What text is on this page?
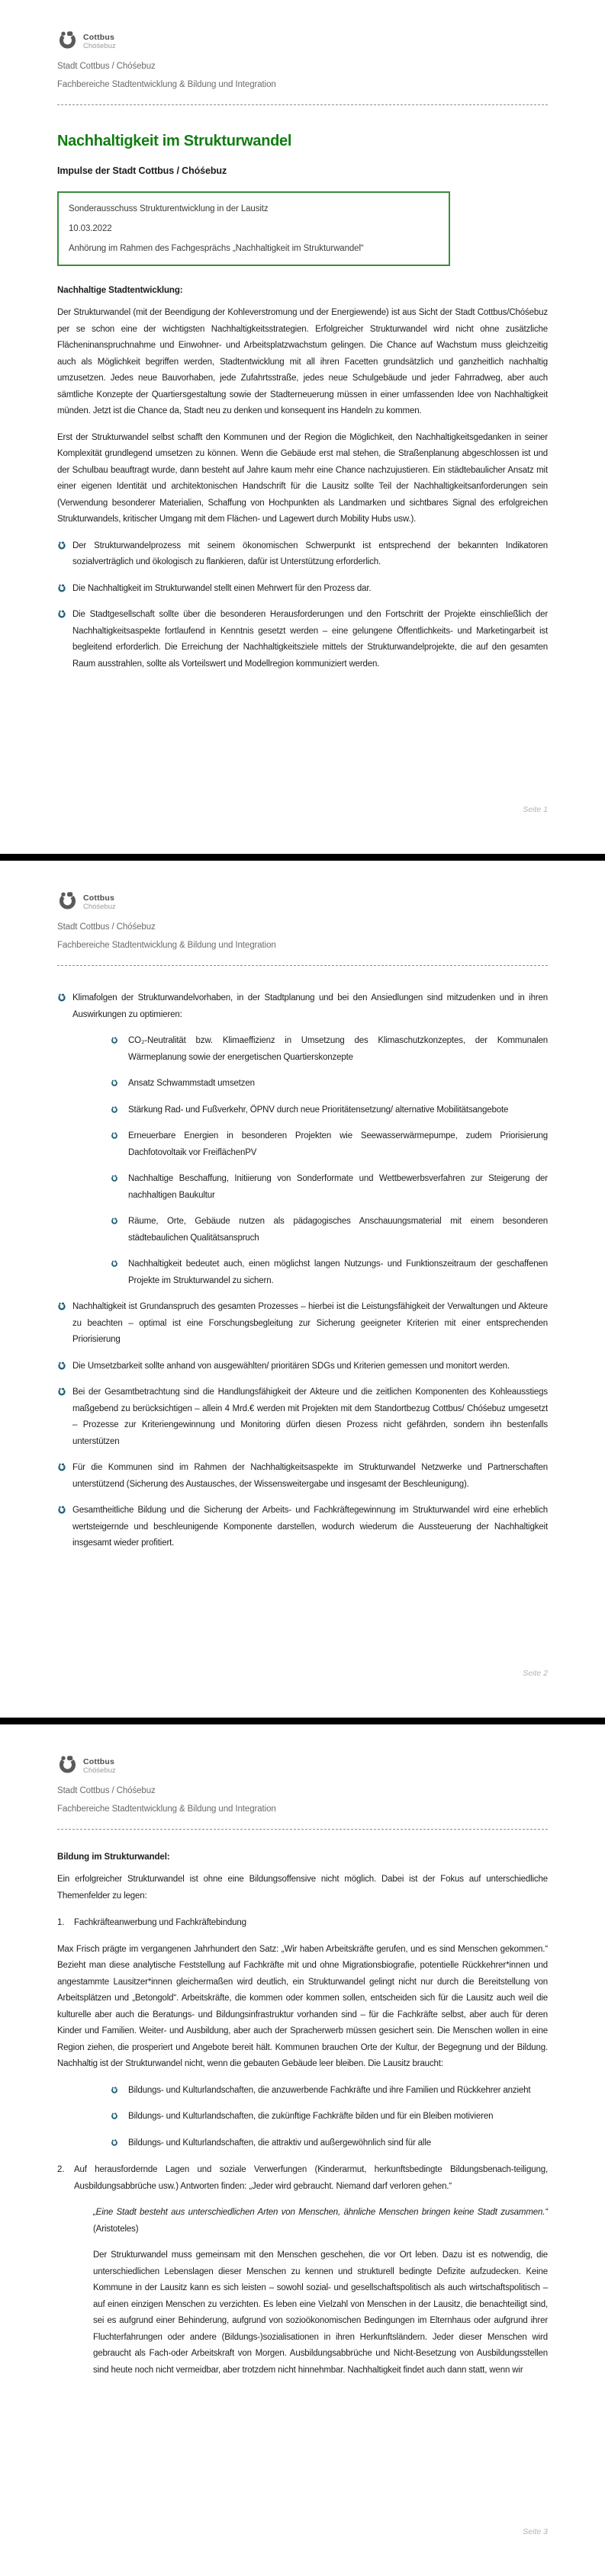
Cottbus
Chóśebuz
Stadt Cottbus / Chóśebuz
Fachbereiche Stadtentwicklung & Bildung und Integration
Nachhaltigkeit im Strukturwandel
Impulse der Stadt Cottbus / Chóśebuz
Sonderausschuss Strukturentwicklung in der Lausitz
10.03.2022
Anhörung im Rahmen des Fachgesprächs „Nachhaltigkeit im Strukturwandel“
Nachhaltige Stadtentwicklung:

Der Strukturwandel (mit der Beendigung der Kohleverstromung und der Energiewende) ist aus Sicht der Stadt Cottbus/Chóśebuz per se schon eine der wichtigsten Nachhaltigkeitsstrategien. Erfolgreicher Strukturwandel wird nicht ohne zusätzliche Flächeninanspruchnahme und Einwohner- und Arbeitsplatzwachstum gelingen. Die Chance auf Wachstum muss gleichzeitig auch als Möglichkeit begriffen werden, Stadtentwicklung mit all ihren Facetten grundsätzlich und ganzheitlich nachhaltig umzusetzen. Jedes neue Bauvorhaben, jede Zufahrtsstraße, jedes neue Schulgebäude und jeder Fahrradweg, aber auch sämtliche Konzepte der Quartiersgestaltung sowie der Stadterneuerung müssen in einer umfassenden Idee von Nachhaltigkeit münden. Jetzt ist die Chance da, Stadt neu zu denken und konsequent ins Handeln zu kommen.

Erst der Strukturwandel selbst schafft den Kommunen und der Region die Möglichkeit, den Nachhaltigkeitsgedanken in seiner Komplexität grundlegend umsetzen zu können. Wenn die Gebäude erst mal stehen, die Straßenplanung abgeschlossen ist und der Schulbau beauftragt wurde, dann besteht auf Jahre kaum mehr eine Chance nachzujustieren. Ein städtebaulicher Ansatz mit einer eigenen Identität und architektonischen Handschrift für die Lausitz sollte Teil der Nachhaltigkeitsanforderungen sein (Verwendung besonderer Materialien, Schaffung von Hochpunkten als Landmarken und sichtbares Signal des erfolgreichen Strukturwandels, kritischer Umgang mit dem Flächen- und Lagewert durch Mobility Hubs usw.).

Der Strukturwandelprozess mit seinem ökonomischen Schwerpunkt ist entsprechend der bekannten Indikatoren sozialverträglich und ökologisch zu flankieren, dafür ist Unterstützung erforderlich.
Die Nachhaltigkeit im Strukturwandel stellt einen Mehrwert für den Prozess dar.
Die Stadtgesellschaft sollte über die besonderen Herausforderungen und den Fortschritt der Projekte einschließlich der Nachhaltigkeitsaspekte fortlaufend in Kenntnis gesetzt werden – eine gelungene Öffentlichkeits- und Marketingarbeit ist begleitend erforderlich. Die Erreichung der Nachhaltigkeitsziele mittels der Strukturwandelprojekte, die auf den gesamten Raum ausstrahlen, sollte als Vorteilswert und Modellregion kommuniziert werden.
Seite 1
Cottbus
Chóśebuz
Stadt Cottbus / Chóśebuz
Fachbereiche Stadtentwicklung & Bildung und Integration
Klimafolgen der Strukturwandelvorhaben, in der Stadtplanung und bei den Ansiedlungen sind mitzudenken und in ihren Auswirkungen zu optimieren:
CO₂-Neutralität bzw. Klimaeffizienz in Umsetzung des Klimaschutzkonzeptes, der Kommunalen Wärmeplanung sowie der energetischen Quartierskonzepte
Ansatz Schwammstadt umsetzen
Stärkung Rad- und Fußverkehr, ÖPNV durch neue Prioritätensetzung/ alternative Mobilitätsangebote
Erneuerbare Energien in besonderen Projekten wie Seewasserwärmepumpe, zudem Priorisierung Dachfotovoltaik vor FreiflächenPV
Nachhaltige Beschaffung, Initiierung von Sonderformate und Wettbewerbsverfahren zur Steigerung der nachhaltigen Baukultur
Räume, Orte, Gebäude nutzen als pädagogisches Anschauungsmaterial mit einem besonderen städtebaulichen Qualitätsanspruch
Nachhaltigkeit bedeutet auch, einen möglichst langen Nutzungs- und Funktionszeitraum der geschaffenen Projekte im Strukturwandel zu sichern.
Nachhaltigkeit ist Grundanspruch des gesamten Prozesses – hierbei ist die Leistungsfähigkeit der Verwaltungen und Akteure zu beachten – optimal ist eine Forschungsbegleitung zur Sicherung geeigneter Kriterien mit einer entsprechenden Priorisierung
Die Umsetzbarkeit sollte anhand von ausgewählten/ prioritären SDGs und Kriterien gemessen und monitort werden.
Bei der Gesamtbetrachtung sind die Handlungsfähigkeit der Akteure und die zeitlichen Komponenten des Kohleausstiegs maßgebend zu berücksichtigen – allein 4 Mrd.€ werden mit Projekten mit dem Standortbezug Cottbus/ Chóśebuz umgesetzt – Prozesse zur Kriteriengewinnung und Monitoring dürfen diesen Prozess nicht gefährden, sondern ihn bestenfalls unterstützen
Für die Kommunen sind im Rahmen der Nachhaltigkeitsaspekte im Strukturwandel Netzwerke und Partnerschaften unterstützend (Sicherung des Austausches, der Wissensweitergabe und insgesamt der Beschleunigung).
Gesamtheitliche Bildung und die Sicherung der Arbeits- und Fachkräftegewinnung im Strukturwandel wird eine erheblich wertsteigernde und beschleunigende Komponente darstellen, wodurch wiederum die Aussteuerung der Nachhaltigkeit insgesamt wieder profitiert.
Seite 2
Cottbus
Chóśebuz
Stadt Cottbus / Chóśebuz
Fachbereiche Stadtentwicklung & Bildung und Integration
Bildung im Strukturwandel:

Ein erfolgreicher Strukturwandel ist ohne eine Bildungsoffensive nicht möglich. Dabei ist der Fokus auf unterschiedliche Themenfelder zu legen:

1.	Fachkräfteanwerbung und Fachkräftebindung

Max Frisch prägte im vergangenen Jahrhundert den Satz: „Wir haben Arbeitskräfte gerufen, und es sind Menschen gekommen.“ Bezieht man diese analytische Feststellung auf Fachkräfte mit und ohne Migrationsbiografie, potentielle Rückkehrer*innen und angestammte Lausitzer*innen gleichermaßen wird deutlich, ein Strukturwandel gelingt nicht nur durch die Bereitstellung von Arbeitsplätzen und „Betongold“. Arbeitskräfte, die kommen oder kommen sollen, entscheiden sich für die Lausitz auch weil die kulturelle aber auch die Beratungs- und Bildungsinfrastruktur vorhanden sind – für die Fachkräfte selbst, aber auch für deren Kinder und Familien. Weiter- und Ausbildung, aber auch der Spracherwerb müssen gesichert sein. Die Menschen wollen in eine Region ziehen, die prosperiert und Angebote bereit hält. Kommunen brauchen Orte der Kultur, der Begegnung und der Bildung. Nachhaltig ist der Strukturwandel nicht, wenn die gebauten Gebäude leer bleiben. Die Lausitz braucht:

Bildungs- und Kulturlandschaften, die anzuwerbende Fachkräfte und ihre Familien und Rückkehrer anzieht
Bildungs- und Kulturlandschaften, die zukünftige Fachkräfte bilden und für ein Bleiben motivieren
Bildungs- und Kulturlandschaften, die attraktiv und außergewöhnlich sind für alle
2.	Auf herausfordernde Lagen und soziale Verwerfungen (Kinderarmut, herkunftsbedingte Bildungsbenach-teiligung, Ausbildungsabbrüche usw.) Antworten finden: „Jeder wird gebraucht. Niemand darf verloren gehen.“
„Eine Stadt besteht aus unterschiedlichen Arten von Menschen, ähnliche Menschen bringen keine Stadt zusammen.“ (Aristoteles)

Der Strukturwandel muss gemeinsam mit den Menschen geschehen, die vor Ort leben. Dazu ist es notwendig, die unterschiedlichen Lebenslagen dieser Menschen zu kennen und strukturell bedingte Defizite aufzudecken. Keine Kommune in der Lausitz kann es sich leisten – sowohl sozial- und gesellschaftspolitisch als auch wirtschaftspolitisch – auf einen einzigen Menschen zu verzichten. Es leben eine Vielzahl von Menschen in der Lausitz, die benachteiligt sind, sei es aufgrund einer Behinderung, aufgrund von sozioökonomischen Bedingungen im Elternhaus oder aufgrund ihrer Fluchterfahrungen oder andere (Bildungs-)sozialisationen in ihren Herkunftsländern. Jeder dieser Menschen wird gebraucht als Fach-oder Arbeitskraft von Morgen. Ausbildungsabbrüche und Nicht-Besetzung von Ausbildungsstellen sind heute noch nicht vermeidbar, aber trotzdem nicht hinnehmbar. Nachhaltigkeit findet auch dann statt, wenn wir

Seite 3
